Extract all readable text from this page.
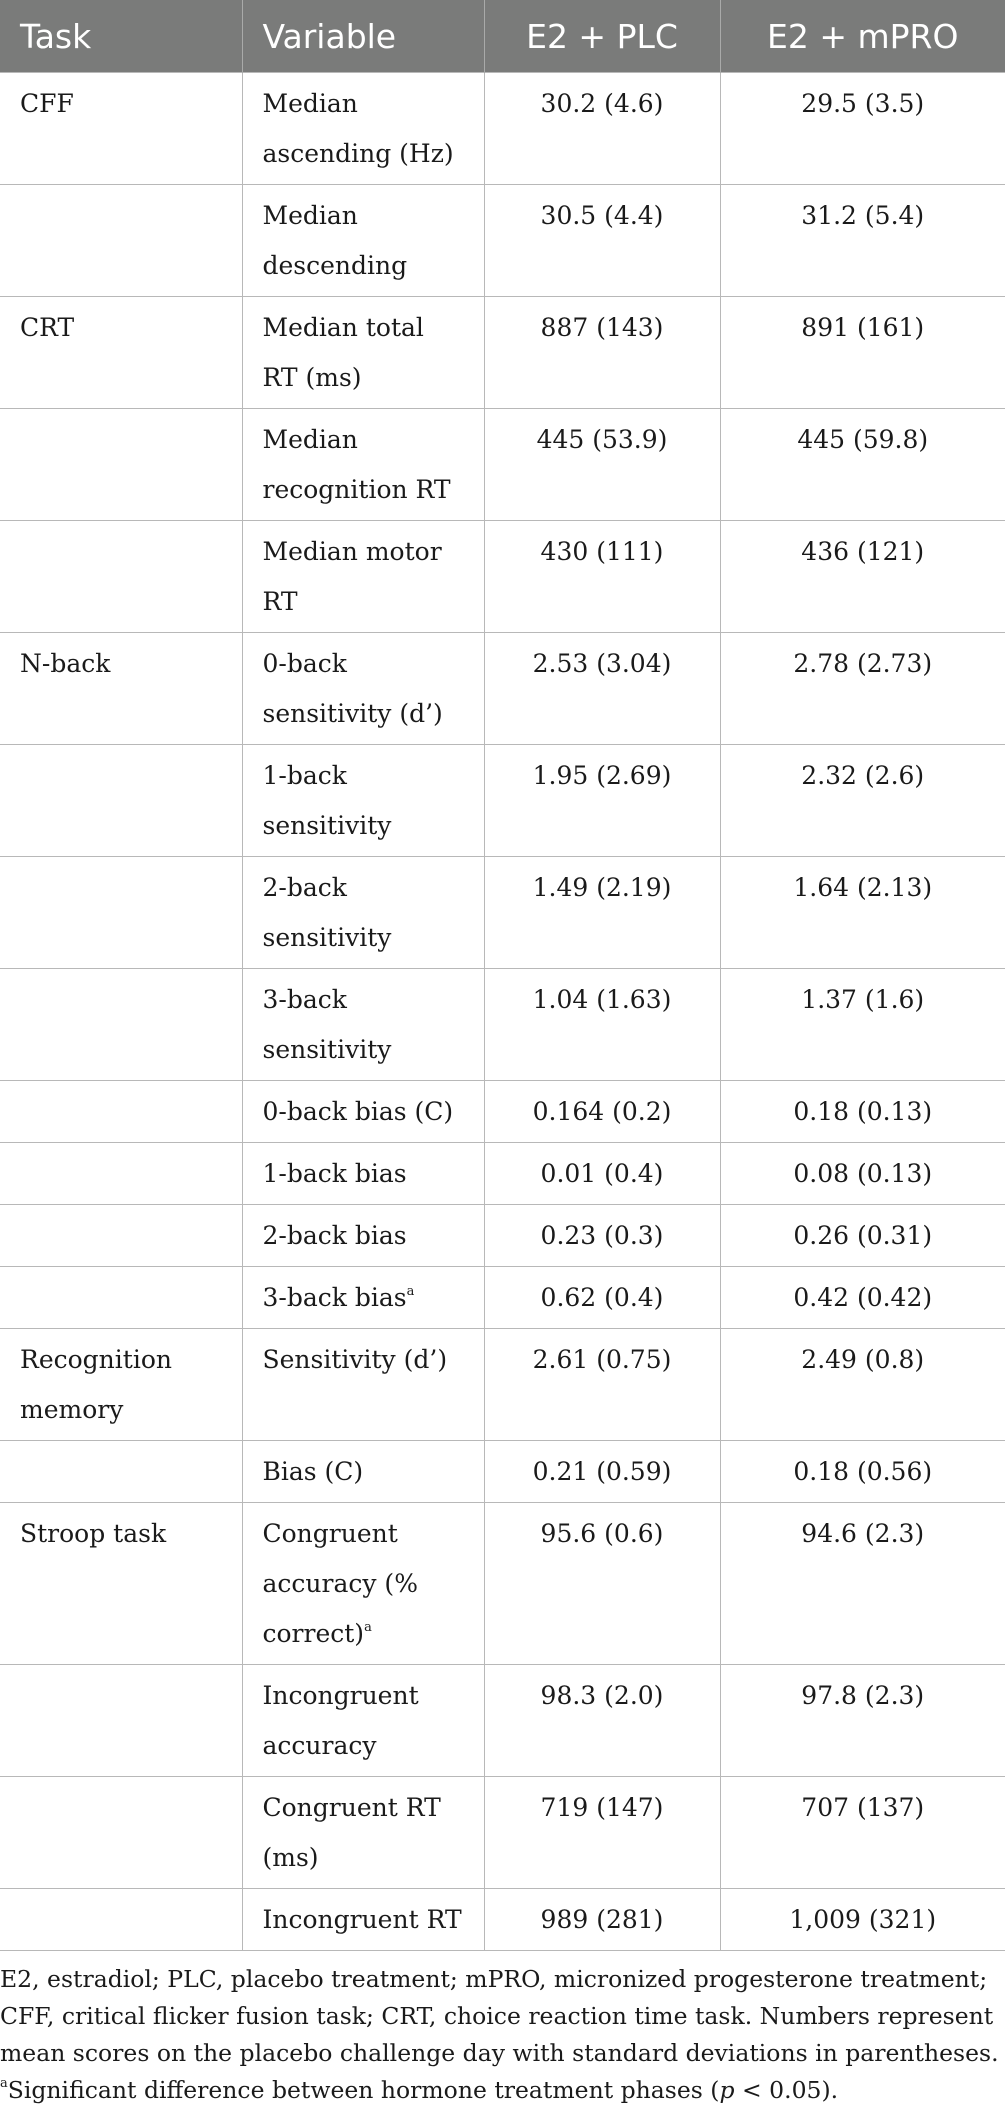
Task	Variable	E2 + PLC	E2 + mPRO
CFF	Median ascending (Hz)	30.2 (4.6)	29.5 (3.5)
	Median descending	30.5 (4.4)	31.2 (5.4)
CRT	Median total RT (ms)	887 (143)	891 (161)
	Median recognition RT	445 (53.9)	445 (59.8)
	Median motor RT	430 (111)	436 (121)
N-back	0-back sensitivity (d’)	2.53 (3.04)	2.78 (2.73)
	1-back sensitivity	1.95 (2.69)	2.32 (2.6)
	2-back sensitivity	1.49 (2.19)	1.64 (2.13)
	3-back sensitivity	1.04 (1.63)	1.37 (1.6)
	0-back bias (C)	0.164 (0.2)	0.18 (0.13)
	1-back bias	0.01 (0.4)	0.08 (0.13)
	2-back bias	0.23 (0.3)	0.26 (0.31)
	3-back bias$^a$	0.62 (0.4)	0.42 (0.42)
Recognition memory	Sensitivity (d’)	2.61 (0.75)	2.49 (0.8)
	Bias (C)	0.21 (0.59)	0.18 (0.56)
Stroop task	Congruent accuracy (% correct)$^a$	95.6 (0.6)	94.6 (2.3)
	Incongruent accuracy	98.3 (2.0)	97.8 (2.3)
	Congruent RT (ms)	719 (147)	707 (137)
	Incongruent RT	989 (281)	1,009 (321)
E2, estradiol; PLC, placebo treatment; mPRO, micronized progesterone treatment; CFF, critical flicker fusion task; CRT, choice reaction time task. Numbers represent mean scores on the placebo challenge day with standard deviations in parentheses. $^a$Significant difference between hormone treatment phases (p < 0.05).
